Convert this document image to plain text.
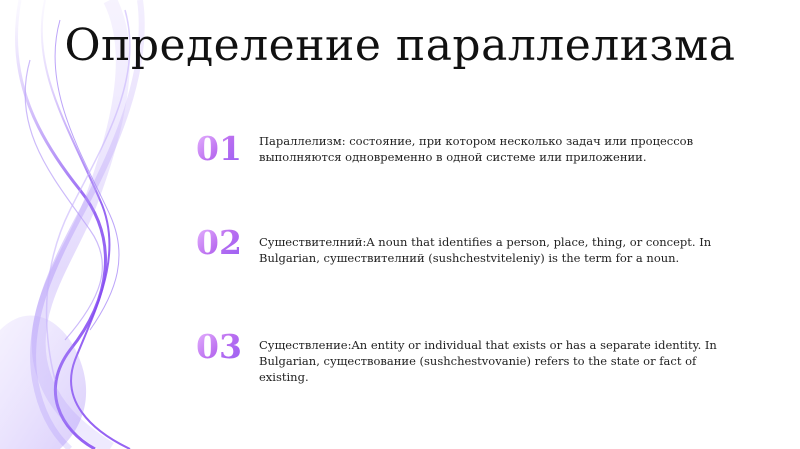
Определение параллелизма
01	Параллелизм: состояние, при котором несколько задач или процессов выполняются одновременно в одной системе или приложении.
02	Сушествителний:A noun that identifies a person, place, thing, or concept. In Bulgarian, сушествителний (sushchestviteleniy) is the term for a noun.
03	Существление:An entity or individual that exists or has a separate identity. In Bulgarian, существование (sushchestvovanie) refers to the state or fact of existing.
